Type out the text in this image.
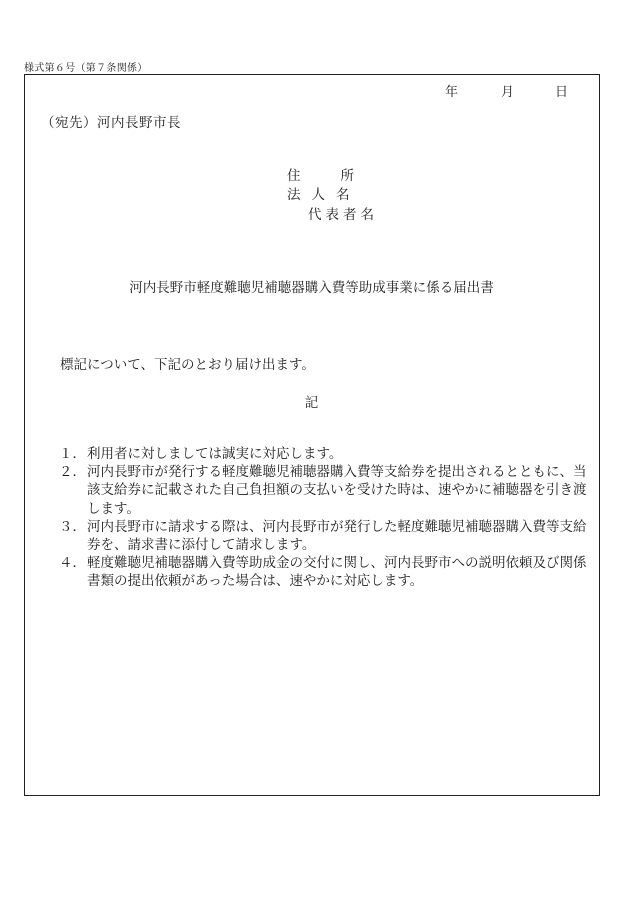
様式第６号（第７条関係）
年	月	日
（宛先）河内長野市長
住所
法人名
代表者名
河内長野市軽度難聴児補聴器購入費等助成事業に係る届出書
標記について、下記のとおり届け出ます。
記
１． 利用者に対しましては誠実に対応します。
２． 河内長野市が発行する軽度難聴児補聴器購入費等支給券を提出されるとともに、当該支給券に記載された自己負担額の支払いを受けた時は、速やかに補聴器を引き渡します。
３． 河内長野市に請求する際は、河内長野市が発行した軽度難聴児補聴器購入費等支給券を、請求書に添付して請求します。
４． 軽度難聴児補聴器購入費等助成金の交付に関し、河内長野市への説明依頼及び関係書類の提出依頼があった場合は、速やかに対応します。
